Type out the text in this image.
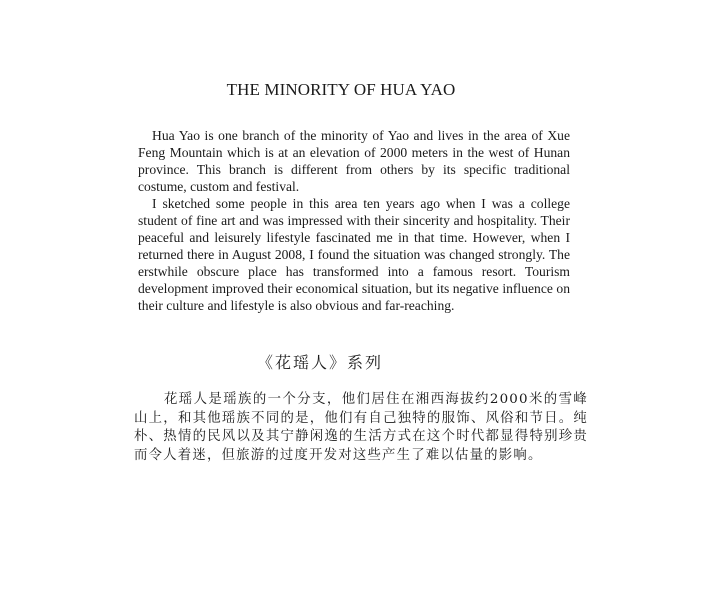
THE MINORITY OF HUA YAO

Hua Yao is one branch of the minority of Yao and lives in the area of Xue Feng Mountain which is at an elevation of 2000 meters in the west of Hunan province. This branch is different from others by its specific traditional costume, custom and festival.

I sketched some people in this area ten years ago when I was a college student of fine art and was impressed with their sincerity and hospitality. Their peaceful and leisurely lifestyle fascinated me in that time. However, when I returned there in August 2008, I found the situation was changed strongly. The erstwhile obscure place has transformed into a famous resort. Tourism development improved their economical situation, but its negative influence on their culture and lifestyle is also obvious and far-reaching.

《花瑶人》系列

花瑶人是瑶族的一个分支，他们居住在湘西海拔约2000米的雪峰山上，和其他瑶族不同的是，他们有自己独特的服饰、风俗和节日。纯朴、热情的民风以及其宁静闲逸的生活方式在这个时代都显得特别珍贵而令人着迷，但旅游的过度开发对这些产生了难以估量的影响。
